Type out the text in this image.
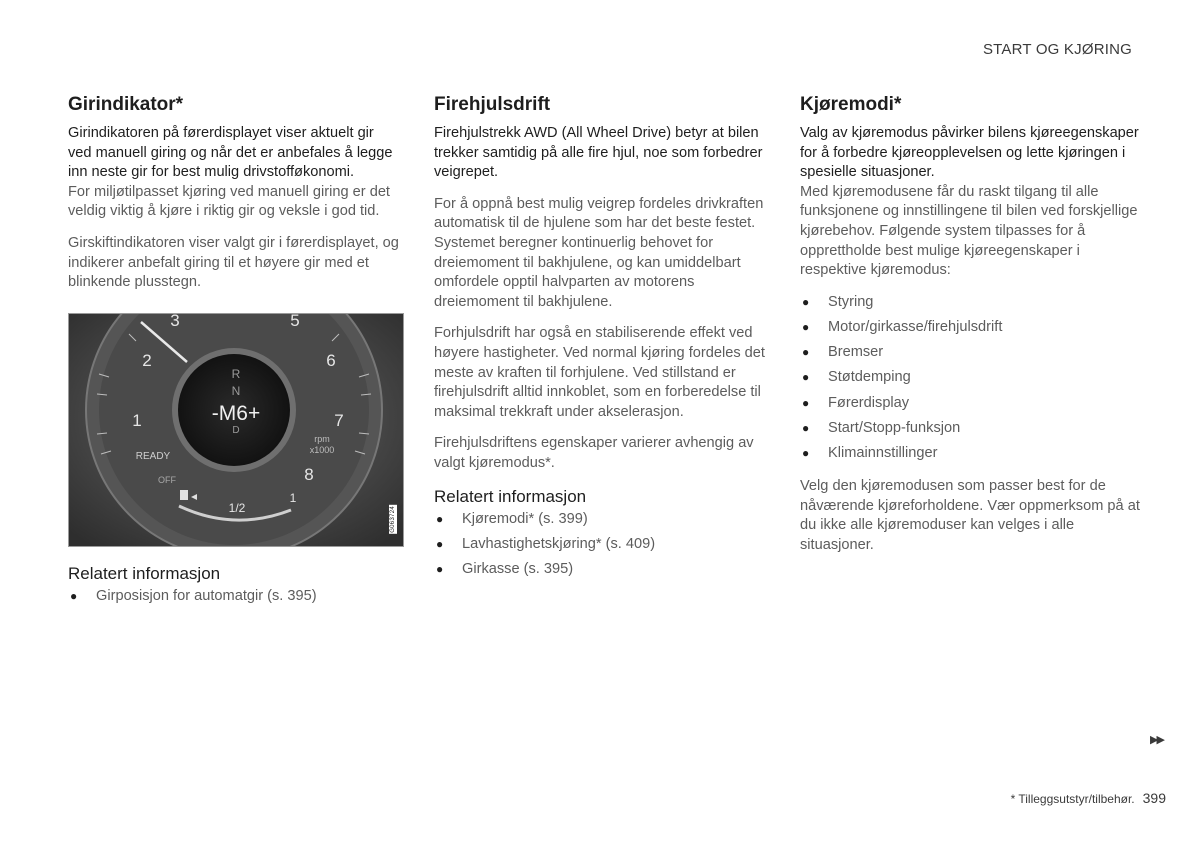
START OG KJØRING
Girindikator*

Girindikatoren på førerdisplayet viser aktuelt gir ved manuell giring og når det er anbefales å legge inn neste gir for best mulig drivstofføkonomi.

For miljøtilpasset kjøring ved manuell giring er det veldig viktig å kjøre i riktig gir og veksle i god tid.

Girskiftindikatoren viser valgt gir i førerdisplayet, og indikerer anbefalt giring til et høyere gir med et blinkende plusstegn.

R
N
-M6+
D
3	5
2	6
1	7
8
rpm
x1000
READY
OFF
1/2
1
G063724
Relatert informasjon
● Girposisjon for automatgir (s. 395)
Firehjulsdrift

Firehjulstrekk AWD (All Wheel Drive) betyr at bilen trekker samtidig på alle fire hjul, noe som forbedrer veigrepet.

For å oppnå best mulig veigrep fordeles drivkraften automatisk til de hjulene som har det beste festet. Systemet beregner kontinuerlig behovet for dreiemoment til bakhjulene, og kan umiddelbart omfordele opptil halvparten av motorens dreiemoment til bakhjulene.

Forhjulsdrift har også en stabiliserende effekt ved høyere hastigheter. Ved normal kjøring fordeles det meste av kraften til forhjulene. Ved stillstand er firehjulsdrift alltid innkoblet, som en forberedelse til maksimal trekkraft under akselerasjon.

Firehjulsdriftens egenskaper varierer avhengig av valgt kjøremodus*.

Relatert informasjon
● Kjøremodi* (s. 399)
● Lavhastighetskjøring* (s. 409)
● Girkasse (s. 395)
Kjøremodi*

Valg av kjøremodus påvirker bilens kjøreegenskaper for å forbedre kjøreopplevelsen og lette kjøringen i spesielle situasjoner.

Med kjøremodusene får du raskt tilgang til alle funksjonene og innstillingene til bilen ved forskjellige kjørebehov. Følgende system tilpasses for å opprettholde best mulige kjøreegenskaper i respektive kjøremodus:

● Styring
● Motor/girkasse/firehjulsdrift
● Bremser
● Støtdemping
● Førerdisplay
● Start/Stopp-funksjon
● Klimainnstillinger

Velg den kjøremodusen som passer best for de nåværende kjøreforholdene. Vær oppmerksom på at du ikke alle kjøremoduser kan velges i alle situasjoner.

▶▶
* Tilleggsutstyr/tilbehør. 399
